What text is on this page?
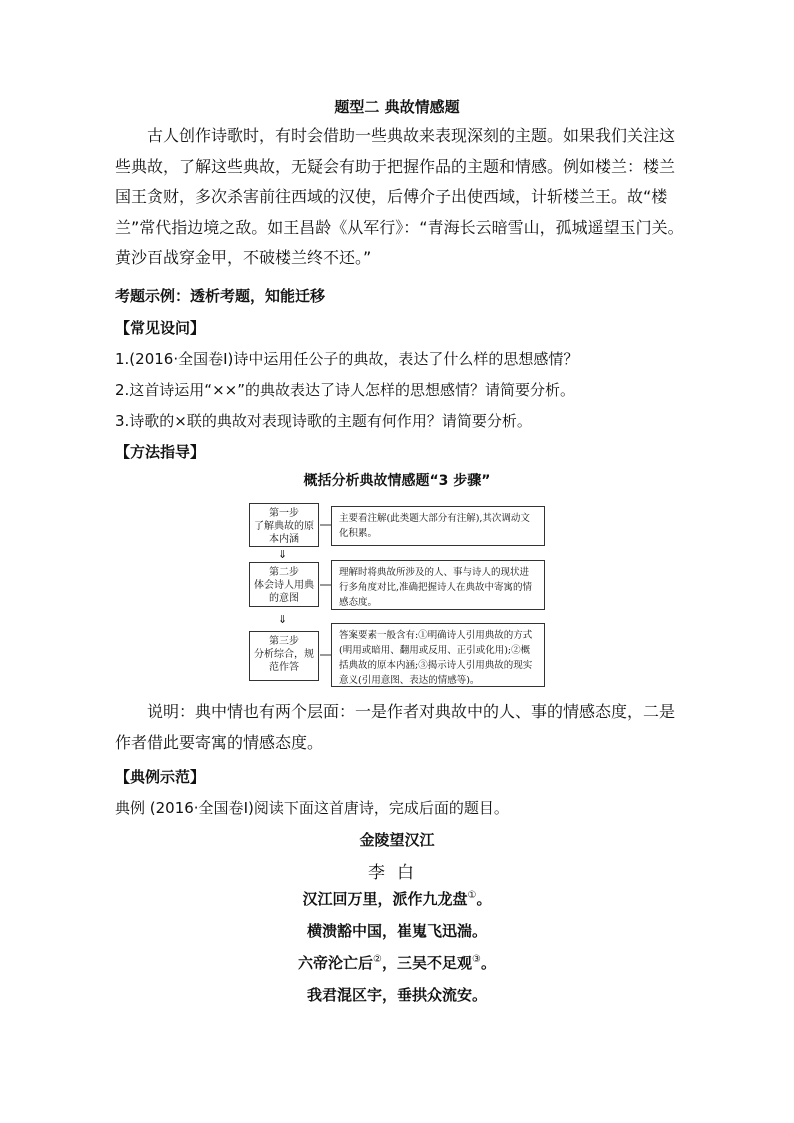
题型二 典故情感题
古人创作诗歌时，有时会借助一些典故来表现深刻的主题。如果我们关注这些典故，了解这些典故，无疑会有助于把握作品的主题和情感。例如楼兰：楼兰国王贪财，多次杀害前往西域的汉使，后傅介子出使西域，计斩楼兰王。故“楼兰”常代指边境之敌。如王昌龄《从军行》：“青海长云暗雪山，孤城遥望玉门关。黄沙百战穿金甲，不破楼兰终不还。”
考题示例：透析考题，知能迁移
【常见设问】
1.(2016·全国卷Ⅰ)诗中运用任公子的典故，表达了什么样的思想感情？
2.这首诗运用“××”的典故表达了诗人怎样的思想感情？请简要分析。
3.诗歌的×联的典故对表现诗歌的主题有何作用？请简要分析。
【方法指导】
概括分析典故情感题“3 步骤”
第一步
了解典故的原本内涵
主要看注解(此类题大部分有注解),其次调动文化积累。
⇓
第二步
体会诗人用典的意图
理解时将典故所涉及的人、事与诗人的现状进行多角度对比,准确把握诗人在典故中寄寓的情感态度。
⇓
第三步
分析综合，规范作答
答案要素一般含有:①明确诗人引用典故的方式(明用或暗用、翻用或反用、正引或化用);②概括典故的原本内涵;③揭示诗人引用典故的现实意义(引用意图、表达的情感等)。
说明：典中情也有两个层面：一是作者对典故中的人、事的情感态度，二是作者借此要寄寓的情感态度。
【典例示范】
典例 (2016·全国卷Ⅰ)阅读下面这首唐诗，完成后面的题目。
金陵望汉江
李白
汉江回万里，派作九龙盘①。
横溃豁中国，崔嵬飞迅湍。
六帝沦亡后②，三吴不足观③。
我君混区宇，垂拱众流安。
